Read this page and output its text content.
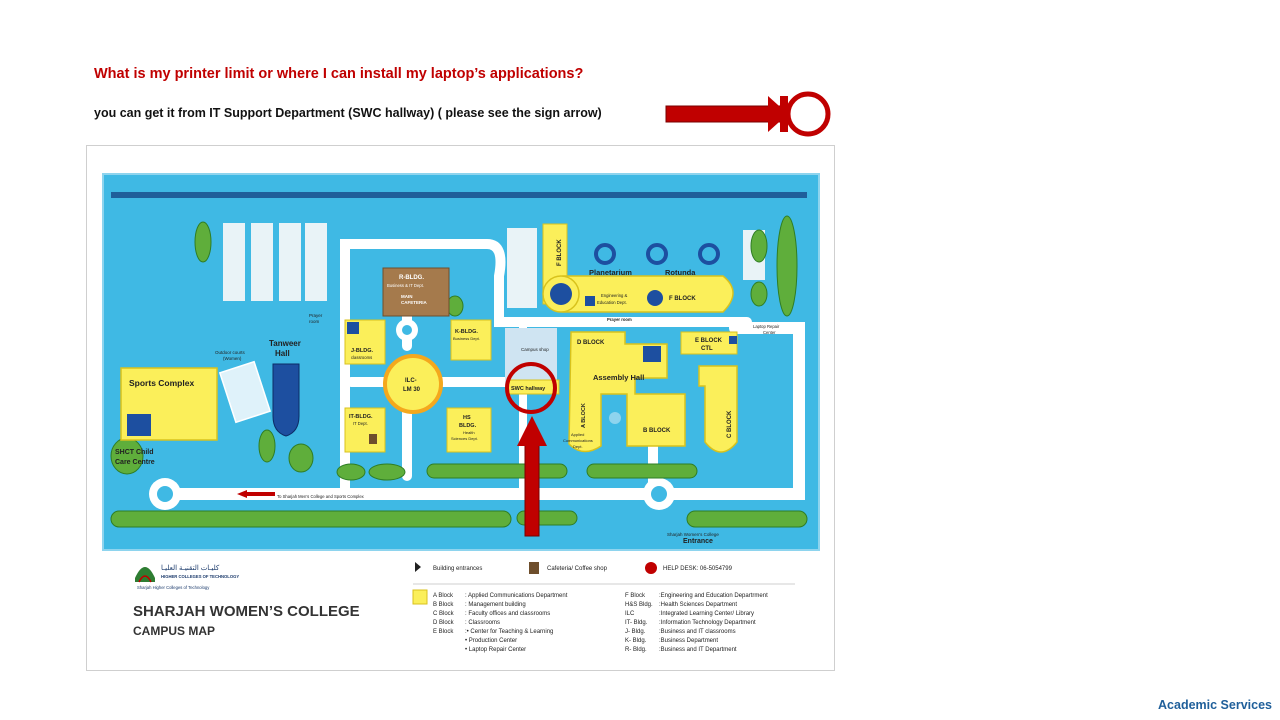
What is my printer limit or where I can install my laptop’s applications?
you can get it from IT Support Department (SWC hallway) ( please see the sign arrow)
Sports Complex
SHCT Child
Care Centre
Outdoor courts
(Women)
Tanweer
Hall
R-BLDG.
Business & IT Dept.
MAIN
CAFETERIA
Prayer
room
J-BLDG.
classrooms
K-BLDG.
Business Dept.
ILC-
LM 30
IT-BLDG.
IT Dept.
HS
BLDG.
Health
Sciences Dept.
Campus shop
SWC hallway
D BLOCK
Assembly Hall
A BLOCK
Applied
Communications
Dept.
B BLOCK
E BLOCK
CTL
Laptop Repair
Center
C BLOCK
F BLOCK
Planetarium	Rotunda
Engineering &
Education Dept.
F BLOCK
Prayer room
To Sharjah Men’s College and Sports Complex
Sharjah Women’s College
Entrance
كليـات التقنيـة العليـا
HIGHER COLLEGES OF TECHNOLOGY
Sharjah Higher Colleges of Technology
SHARJAH WOMEN’S COLLEGE
CAMPUS MAP
Building entrances	Cafeteria/ Coffee shop	HELP DESK: 06-5054799
A Block : Applied Communications Department
B Block : Management building
C Block : Faculty offices and classrooms
D Block : Classrooms
E Block :• Center for Teaching & Learning
• Production Center
• Laptop Repair Center
F Block :Engineering and Education Departrment
H&S Bldg. :Health Sciences Department
ILC	:Integrated Learning Center/ Library
IT- Bldg. :Information Technology Department
J- Bldg. :Business and IT classrooms
K- Bldg. :Business Department
R- Bldg. :Business and IT Department
Academic Services
